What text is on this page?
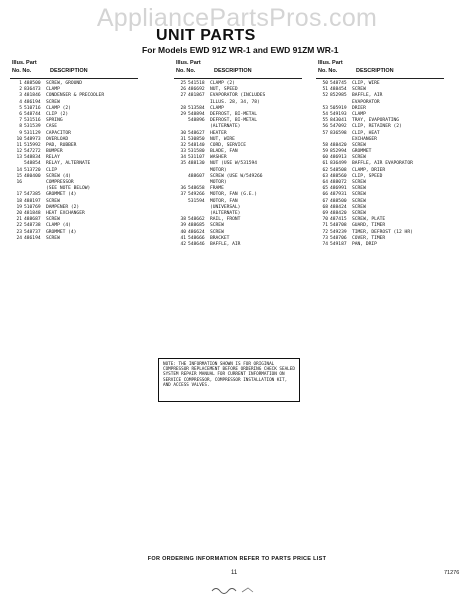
AppliancePartsPros.com
UNIT PARTS
For Models EWD 91Z WR-1 and EWD 91ZM WR-1
Illus. Part
No. No.	DESCRIPTION
1 488500 SCREW, GROUND
2 836473 CLAMP
3 481846 CONDENSER & PRECOOLER
4 486194 SCREW
5 510716 CLAMP (2)
6 548744 CLIP (2)
7 531516 SPRING
8 531539 CASE
9 531129 CAPACITOR
10 548973 OVERLOAD
11 515992 PAD, RUBBER
12 547272 BUMPER
13 548834 RELAY
548854 RELAY, ALTERNATE
14 513720 CLIP
15 480400 SCREW (4)
16	COMPRESSOR
(SEE NOTE BELOW)
17 547385 GROMMET (4)
18 488197 SCREW
19 510769 DAMPENER (2)
20 481848 HEAT EXCHANGER
21 488687 SCREW
22 548738 CLAMP (4)
23 548737 GROMMET (4)
24 486194 SCREW
Illus. Part
No. No.	DESCRIPTION
25 541518 CLAMP (2)
26 486692 NUT, SPEED
27 481867 EVAPORATOR (INCLUDES
ILLUS. 28, 34, 78)
28 513584 CLAMP
29 548894 DEFROST, BI-METAL
548896 DEFROST, BI-METAL
(ALTERNATE)
30 548627 HEATER
31 530850 NUT, WIRE
32 548140 CORD, SERVICE
33 531580 BLADE, FAN
34 531107 WASHER
35 488130 NUT (USE W/531594
MOTOR)
488607 SCREW (USE W/549266
MOTOR)
36 548658 FRAME
37 549266 MOTOR, FAN (G.E.)
531594 MOTOR, FAN
(UNIVERSAL)
(ALTERNATE)
38 548662 RAIL, FRONT
39 488685 SCREW
40 486624 SCREW
41 548666 BRACKET
42 548646 BAFFLE, AIR
Illus. Part
No. No.	DESCRIPTION
50 548745 CLIP, WIRE
51 488454 SCREW
52 852985 BAFFLE, AIR
EVAPORATOR
53 505919 DRIER
54 549193 CLAMP
55 843041 TRAY, EVAPORATING
56 547092 CLIP, RETAINER (2)
57 836598 CLIP, HEAT
EXCHANGER
58 488420 SCREW
59 852994 GROMMET
60 486913 SCREW
61 836499 BAFFLE, AIR EVAPORATOR
62 548508 CLAMP, DRIER
63 488560 CLIP, SPEED
64 488072 SCREW
65 486991 SCREW
66 487931 SCREW
67 488500 SCREW
68 488424 SCREW
69 488420 SCREW
70 487415 SCREW, PLATE
71 548708 GUARD, TIMER
72 549239 TIMER, DEFROST (12 HR)
73 548706 COVER, TIMER
74 549187 PAN, DRIP
NOTE: THE INFORMATION SHOWN IS FOR ORIGINAL COMPRESSOR REPLACEMENT BEFORE ORDERING CHECK SEALED SYSTEM REPAIR MANUAL FOR CURRENT INFORMATION ON SERVICE COMPRESSOR, COMPRESSOR INSTALLATION KIT, AND ACCESS VALVES.
FOR ORDERING INFORMATION REFER TO PARTS PRICE LIST
11	71276
